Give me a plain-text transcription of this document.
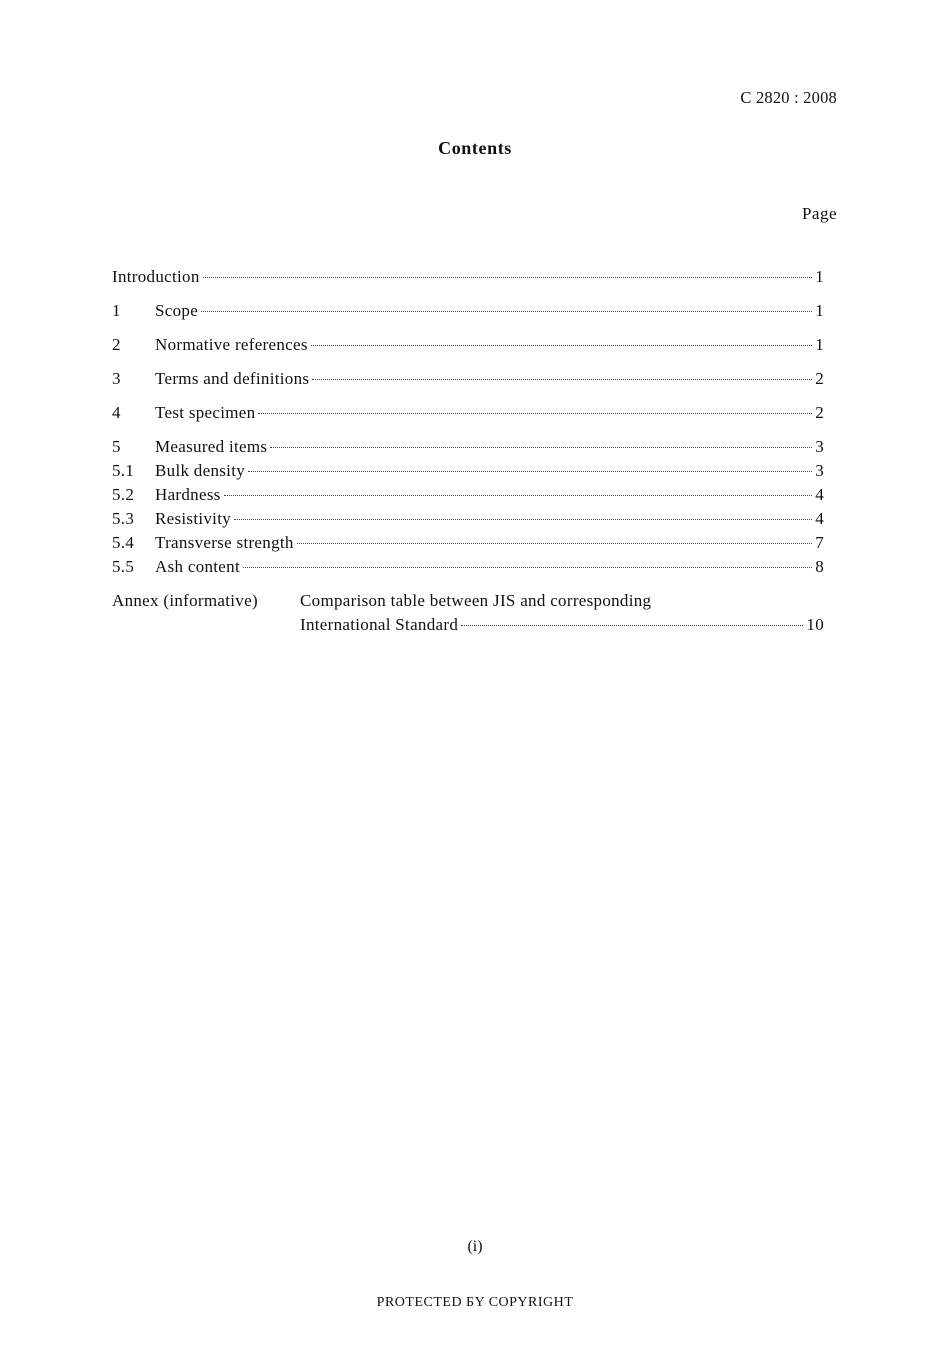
C 2820 : 2008
Contents
Page
Introduction	1
1	Scope	1
2	Normative references	1
3	Terms and definitions	2
4	Test specimen	2
5	Measured items	3
5.1	Bulk density	3
5.2	Hardness	4
5.3	Resistivity	4
5.4	Transverse strength	7
5.5	Ash content	8
Annex (informative)	Comparison table between JIS and corresponding
International Standard	10
(i)
PROTECTED БY COPYRIGHT
